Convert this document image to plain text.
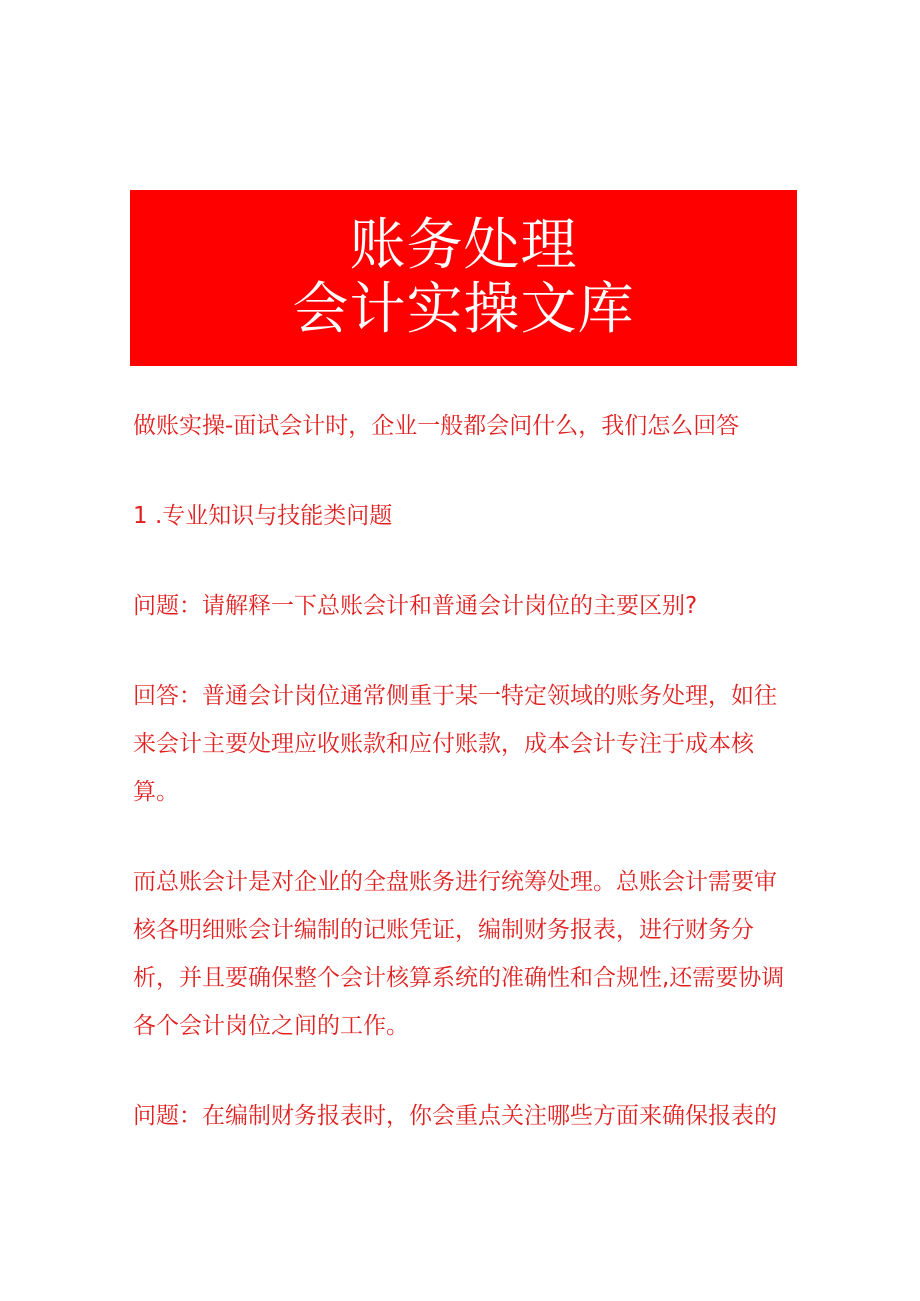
账务处理
会计实操文库

做账实操-面试会计时，企业一般都会问什么，我们怎么回答

1 .专业知识与技能类问题

问题：请解释一下总账会计和普通会计岗位的主要区别?

回答：普通会计岗位通常侧重于某一特定领域的账务处理，如往来会计主要处理应收账款和应付账款，成本会计专注于成本核算。

而总账会计是对企业的全盘账务进行统筹处理。总账会计需要审核各明细账会计编制的记账凭证，编制财务报表，进行财务分析，并且要确保整个会计核算系统的准确性和合规性,还需要协调各个会计岗位之间的工作。

问题：在编制财务报表时，你会重点关注哪些方面来确保报表的
